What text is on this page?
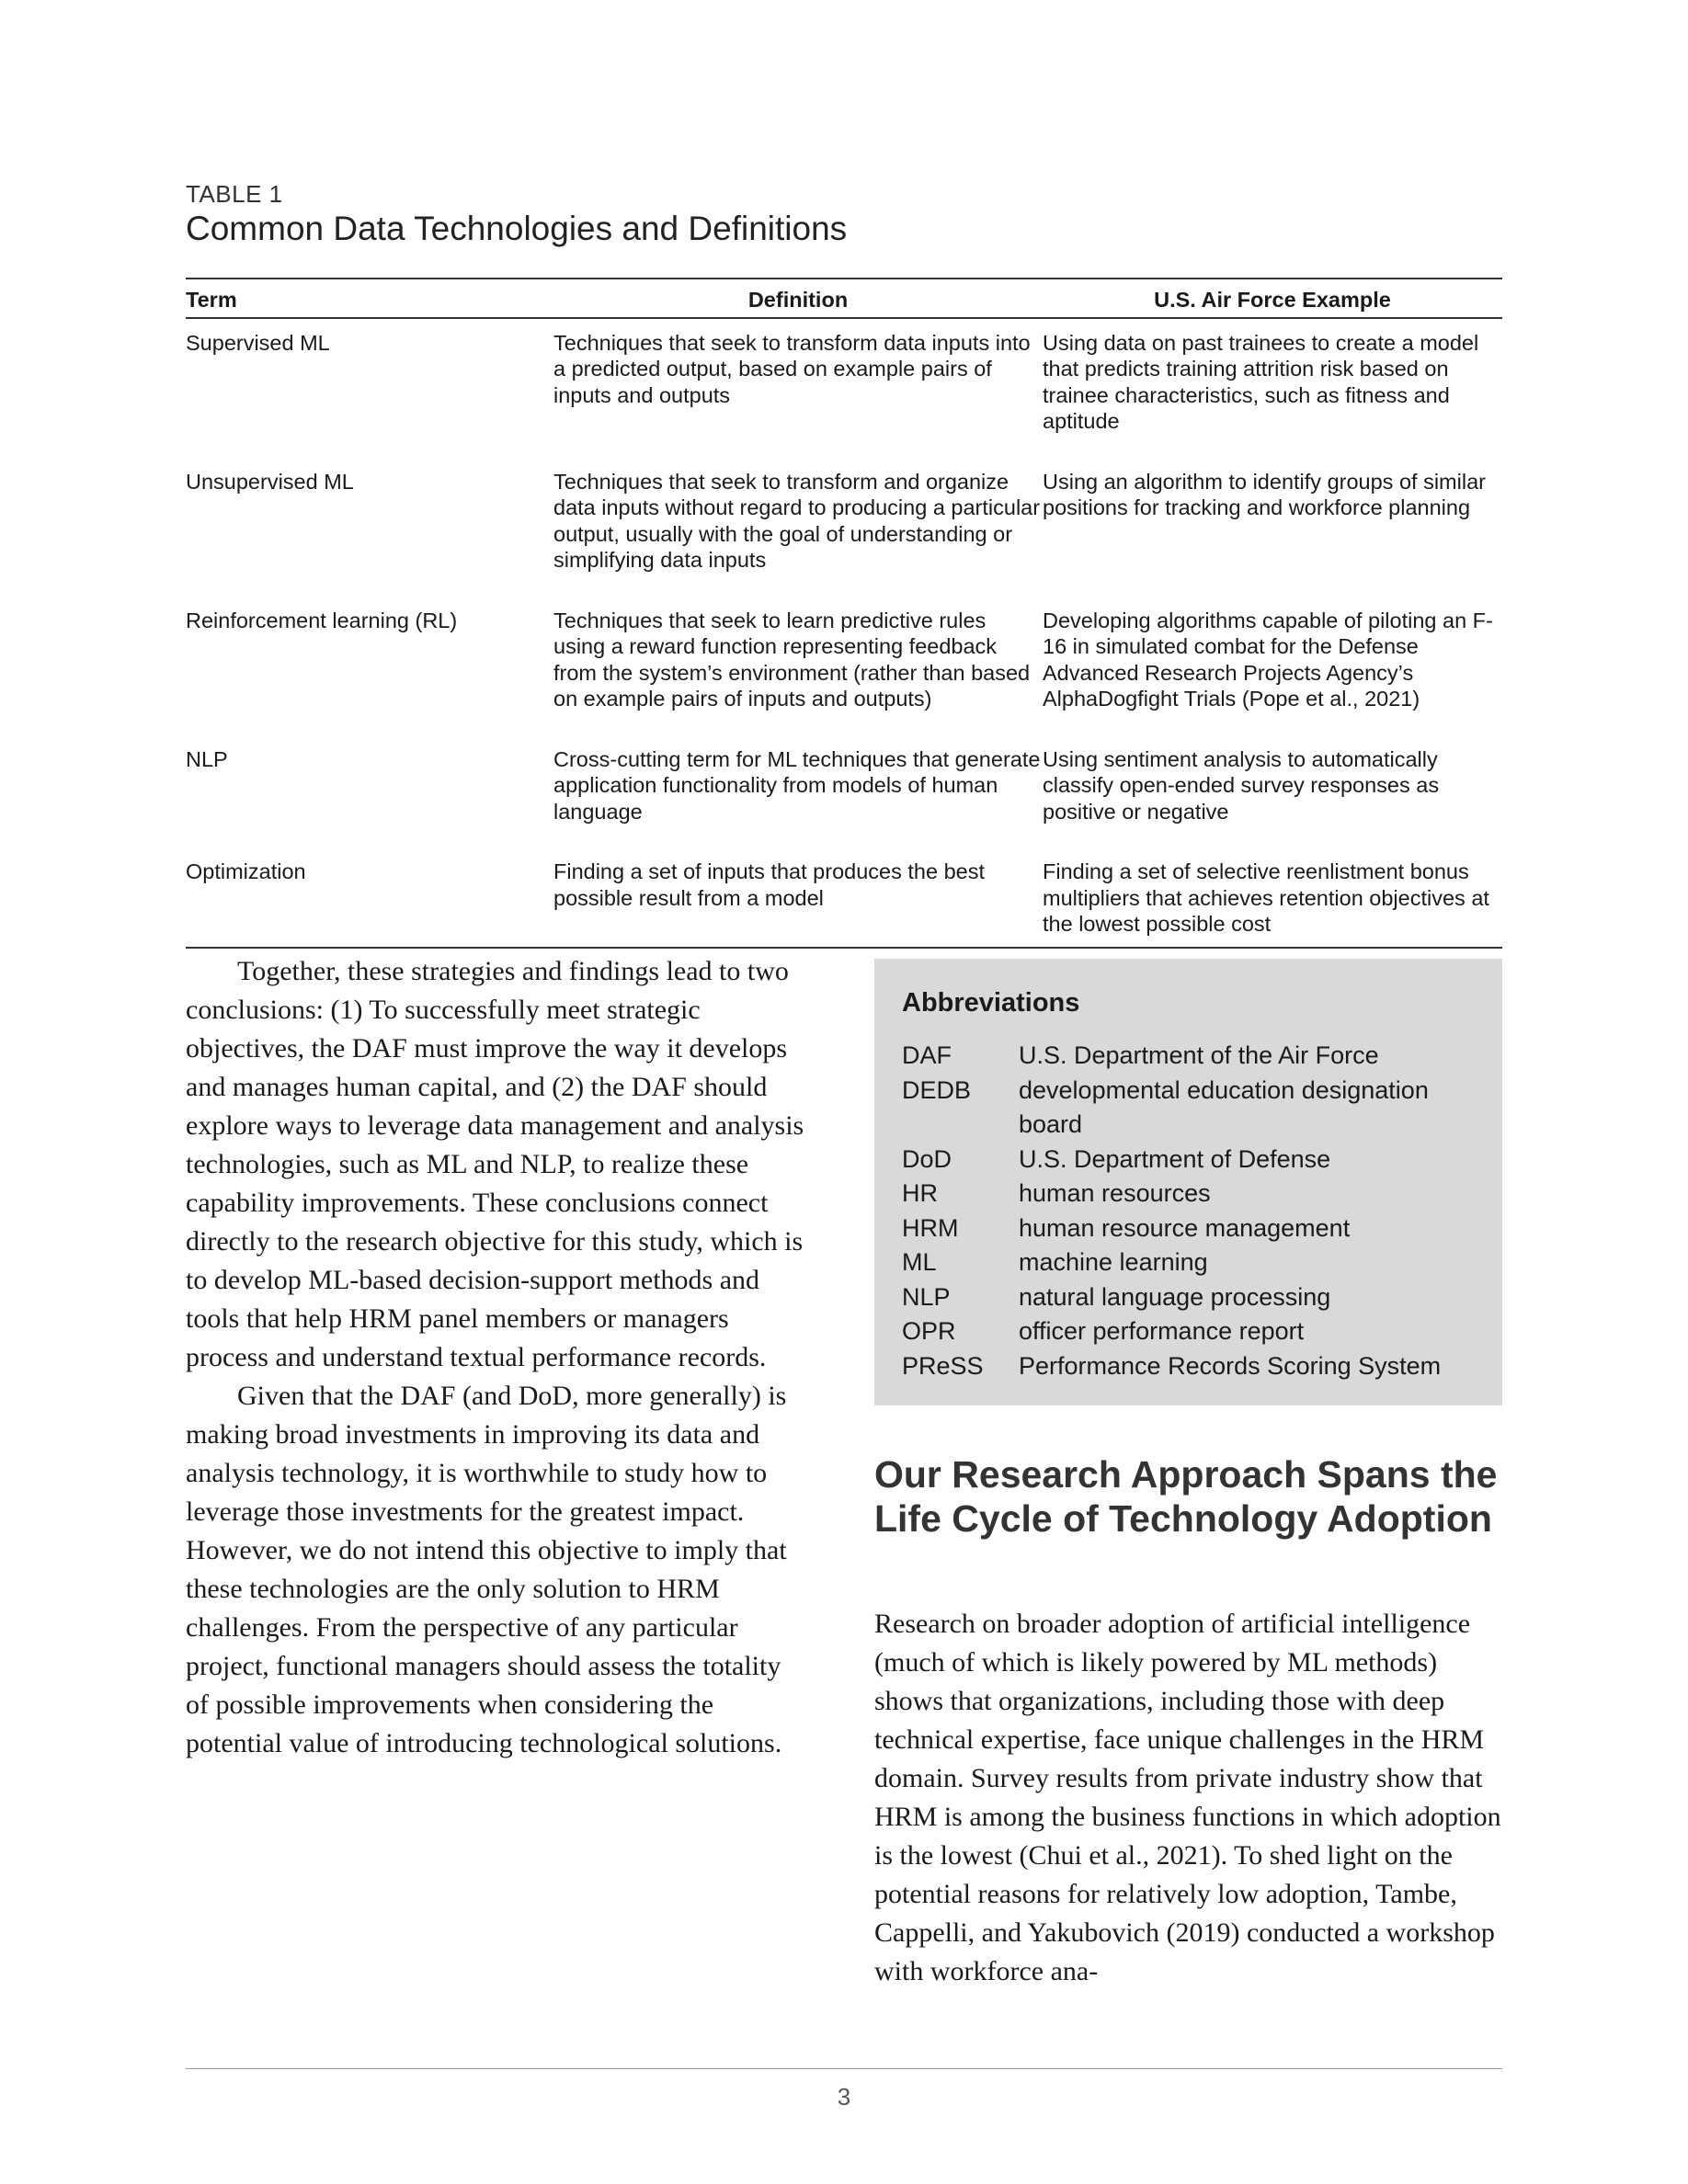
TABLE 1
Common Data Technologies and Definitions
Term	Definition	U.S. Air Force Example
Supervised ML	Techniques that seek to transform data inputs into a predicted output, based on example pairs of inputs and outputs	Using data on past trainees to create a model that predicts training attrition risk based on trainee characteristics, such as fitness and aptitude
Unsupervised ML	Techniques that seek to transform and organize data inputs without regard to producing a particular output, usually with the goal of understanding or simplifying data inputs	Using an algorithm to identify groups of similar positions for tracking and workforce planning
Reinforcement learning (RL)	Techniques that seek to learn predictive rules using a reward function representing feedback from the system’s environment (rather than based on example pairs of inputs and outputs)	Developing algorithms capable of piloting an F-16 in simulated combat for the Defense Advanced Research Projects Agency’s AlphaDogfight Trials (Pope et al., 2021)
NLP	Cross-cutting term for ML techniques that generate application functionality from models of human language	Using sentiment analysis to automatically classify open-ended survey responses as positive or negative
Optimization	Finding a set of inputs that produces the best possible result from a model	Finding a set of selective reenlistment bonus multipliers that achieves retention objectives at the lowest possible cost

Together, these strategies and findings lead to two conclusions: (1) To successfully meet strategic objectives, the DAF must improve the way it develops and manages human capital, and (2) the DAF should explore ways to leverage data management and analysis technologies, such as ML and NLP, to realize these capability improvements. These conclusions connect directly to the research objective for this study, which is to develop ML-based decision-support methods and tools that help HRM panel members or managers process and understand textual performance records.

Given that the DAF (and DoD, more generally) is making broad investments in improving its data and analysis technology, it is worthwhile to study how to leverage those investments for the greatest impact. However, we do not intend this objective to imply that these technologies are the only solution to HRM challenges. From the perspective of any particular project, functional managers should assess the totality of possible improvements when considering the potential value of introducing technological solutions.

Abbreviations
DAF	U.S. Department of the Air Force
DEDB	developmental education designation board
DoD	U.S. Department of Defense
HR	human resources
HRM	human resource management
ML	machine learning
NLP	natural language processing
OPR	officer performance report
PReSS	Performance Records Scoring System
Our Research Approach Spans the Life Cycle of Technology Adoption

Research on broader adoption of artificial intelligence (much of which is likely powered by ML methods) shows that organizations, including those with deep technical expertise, face unique challenges in the HRM domain. Survey results from private industry show that HRM is among the business functions in which adoption is the lowest (Chui et al., 2021). To shed light on the potential reasons for relatively low adoption, Tambe, Cappelli, and Yakubovich (2019) conducted a workshop with workforce ana-

3
